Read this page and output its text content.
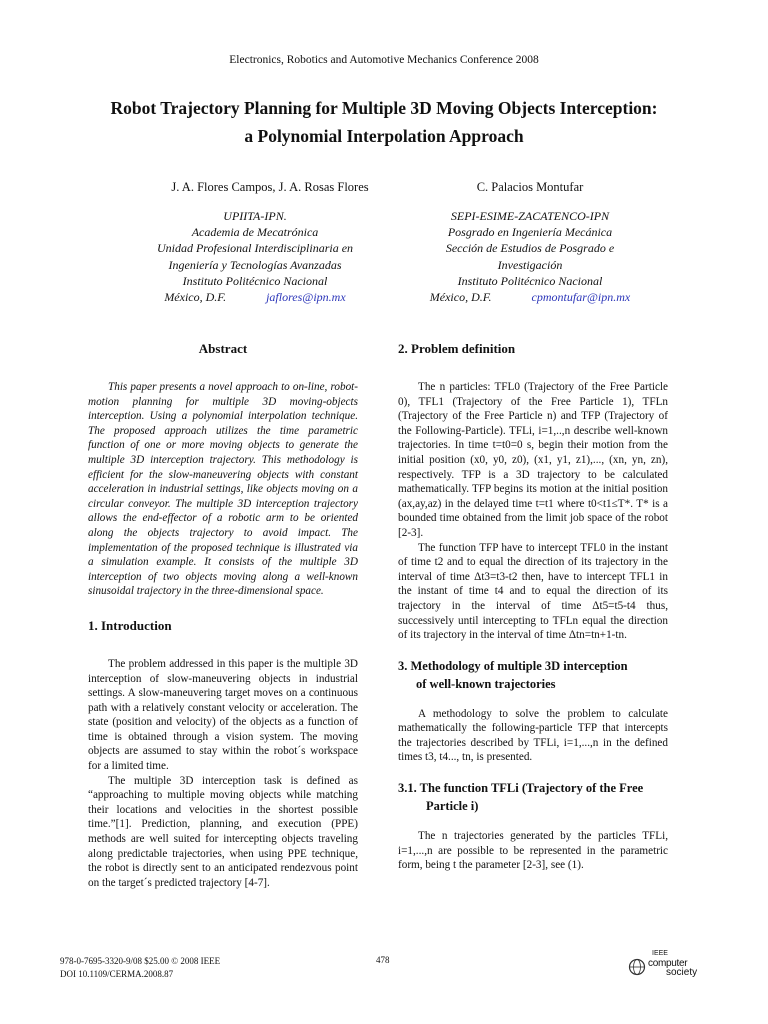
Electronics, Robotics and Automotive Mechanics Conference 2008
Robot Trajectory Planning for Multiple 3D Moving Objects Interception:
a Polynomial Interpolation Approach
J. A. Flores Campos, J. A. Rosas Flores	C. Palacios Montufar
UPIITA-IPN.
Academia de Mecatrónica
Unidad Profesional Interdisciplinaria en
Ingeniería y Tecnologías Avanzadas
Instituto Politécnico Nacional
México, D.F.	jaflores@ipn.mx
SEPI-ESIME-ZACATENCO-IPN
Posgrado en Ingeniería Mecánica
Sección de Estudios de Posgrado e
Investigación
Instituto Politécnico Nacional
México, D.F.	cpmontufar@ipn.mx
Abstract

This paper presents a novel approach to on-line, robot-motion planning for multiple 3D moving-objects interception. Using a polynomial interpolation technique. The proposed approach utilizes the time parametric function of one or more moving objects to generate the multiple 3D interception trajectory. This methodology is efficient for the slow-maneuvering objects with constant acceleration in industrial settings, like objects moving on a circular conveyor. The multiple 3D interception trajectory allows the end-effector of a robotic arm to be oriented along the objects trajectory to avoid impact. The implementation of the proposed technique is illustrated via a simulation example. It consists of the multiple 3D interception of two objects moving along a well-known sinusoidal trajectory in the three-dimensional space.

1. Introduction

The problem addressed in this paper is the multiple 3D interception of slow-maneuvering objects in industrial settings. A slow-maneuvering target moves on a continuous path with a relatively constant velocity or acceleration. The state (position and velocity) of the objects as a function of time is obtained through a vision system. The moving objects are assumed to stay within the robot´s workspace for a limited time.

The multiple 3D interception task is defined as “approaching to multiple moving objects while matching their locations and velocities in the shortest possible time.”[1]. Prediction, planning, and execution (PPE) methods are well suited for intercepting objects traveling along predictable trajectories, when using PPE technique, the robot is directly sent to an anticipated rendezvous point on the target´s predicted trajectory [4-7].

2. Problem definition

The n particles: TFL0 (Trajectory of the Free Particle 0), TFL1 (Trajectory of the Free Particle 1), TFLn (Trajectory of the Free Particle n) and TFP (Trajectory of the Following-Particle). TFLi, i=1,..,n describe well-known trajectories. In time t=t0=0 s, begin their motion from the initial position (x0, y0, z0), (x1, y1, z1),..., (xn, yn, zn), respectively. TFP is a 3D trajectory to be calculated mathematically. TFP begins its motion at the initial position (ax,ay,az) in the delayed time t=t1 where t0<t1≤T*. T* is a bounded time obtained from the limit job space of the robot [2-3].

The function TFP have to intercept TFL0 in the instant of time t2 and to equal the direction of its trajectory in the interval of time Δt3=t3-t2 then, have to intercept TFL1 in the instant of time t4 and to equal the direction of its trajectory in the interval of time Δt5=t5-t4 thus, successively until intercepting to TFLn equal the direction of its trajectory in the interval of time Δtn=tn+1-tn.

3. Methodology of multiple 3D interception
of well-known trajectories

A methodology to solve the problem to calculate mathematically the following-particle TFP that intercepts the trajectories described by TFLi, i=1,...,n in the defined times t3, t4..., tn, is presented.

3.1. The function TFLi (Trajectory of the Free
Particle i)

The n trajectories generated by the particles TFLi, i=1,...,n are possible to be represented in the parametric form, being t the parameter [2-3], see (1).

978-0-7695-3320-9/08 $25.00 © 2008 IEEE
DOI 10.1109/CERMA.2008.87
478
IEEE
computer
society
